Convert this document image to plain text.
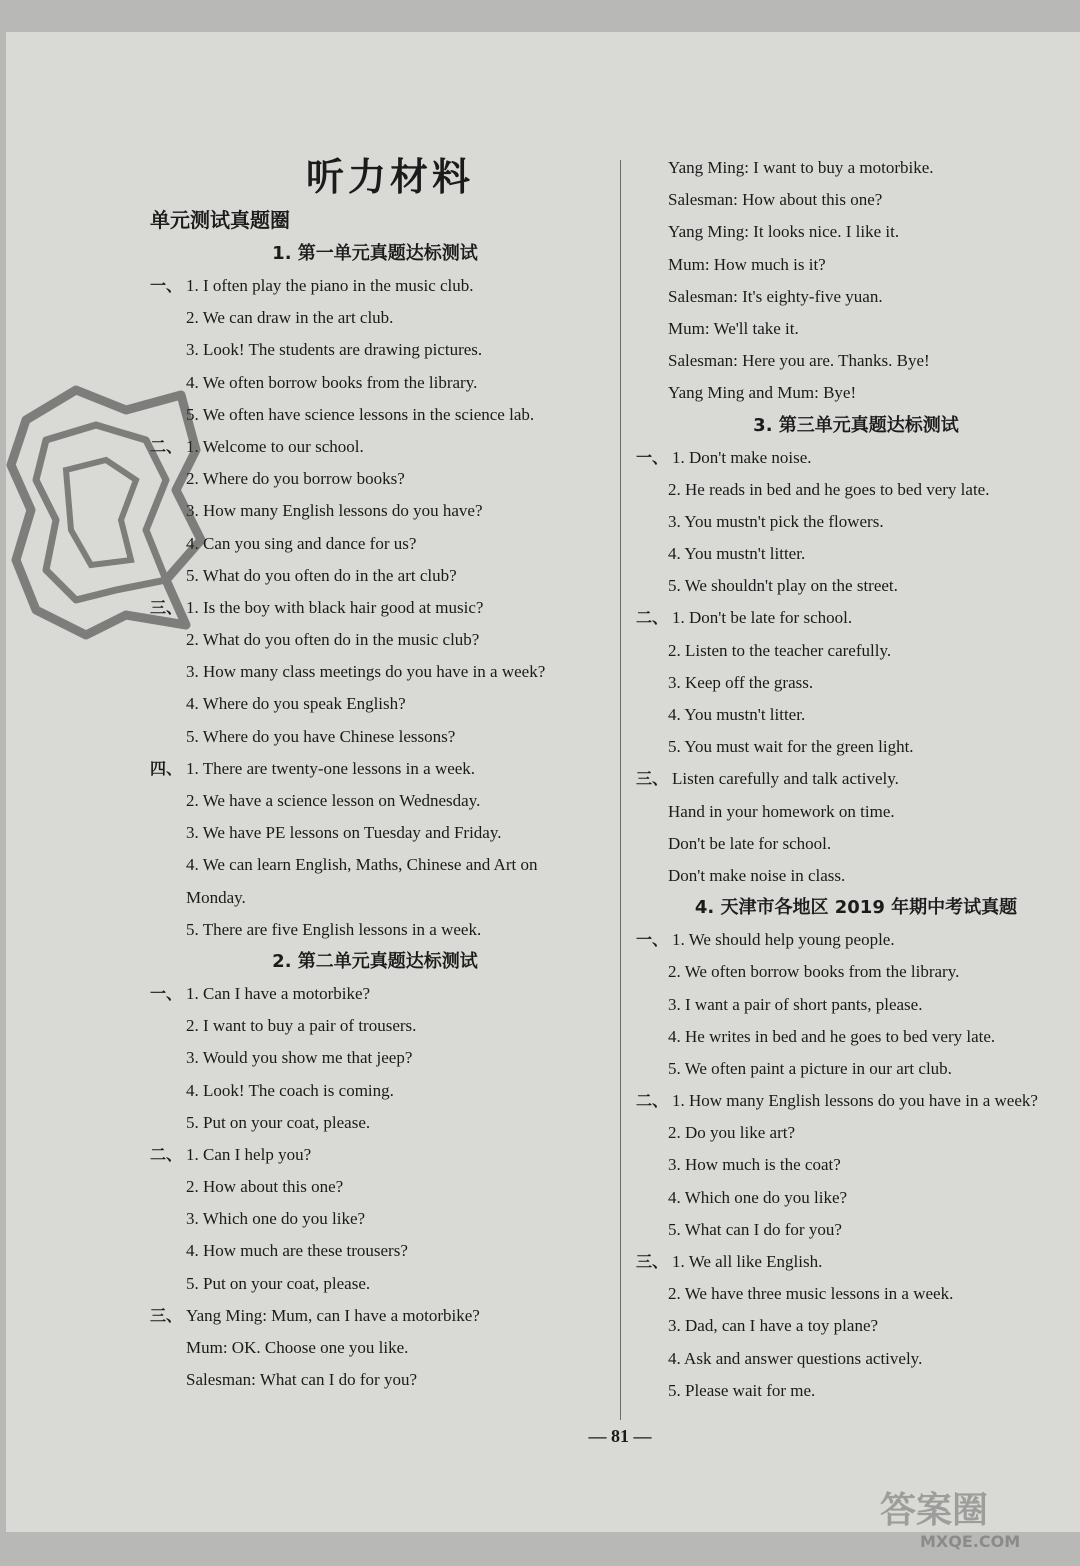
听力材料
单元测试真题圈
1. 第一单元真题达标测试
一、 1. I often play the piano in the music club.
2. We can draw in the art club.
3. Look! The students are drawing pictures.
4. We often borrow books from the library.
5. We often have science lessons in the science lab.
二、 1. Welcome to our school.
2. Where do you borrow books?
3. How many English lessons do you have?
4. Can you sing and dance for us?
5. What do you often do in the art club?
三、 1. Is the boy with black hair good at music?
2. What do you often do in the music club?
3. How many class meetings do you have in a week?
4. Where do you speak English?
5. Where do you have Chinese lessons?
四、 1. There are twenty-one lessons in a week.
2. We have a science lesson on Wednesday.
3. We have PE lessons on Tuesday and Friday.
4. We can learn English, Maths, Chinese and Art on
Monday.
5. There are five English lessons in a week.
2. 第二单元真题达标测试
一、 1. Can I have a motorbike?
2. I want to buy a pair of trousers.
3. Would you show me that jeep?
4. Look! The coach is coming.
5. Put on your coat, please.
二、 1. Can I help you?
2. How about this one?
3. Which one do you like?
4. How much are these trousers?
5. Put on your coat, please.
三、 Yang Ming: Mum, can I have a motorbike?
Mum: OK. Choose one you like.
Salesman: What can I do for you?
Yang Ming: I want to buy a motorbike.
Salesman: How about this one?
Yang Ming: It looks nice. I like it.
Mum: How much is it?
Salesman: It's eighty-five yuan.
Mum: We'll take it.
Salesman: Here you are. Thanks. Bye!
Yang Ming and Mum: Bye!
3. 第三单元真题达标测试
一、 1. Don't make noise.
2. He reads in bed and he goes to bed very late.
3. You mustn't pick the flowers.
4. You mustn't litter.
5. We shouldn't play on the street.
二、 1. Don't be late for school.
2. Listen to the teacher carefully.
3. Keep off the grass.
4. You mustn't litter.
5. You must wait for the green light.
三、 Listen carefully and talk actively.
Hand in your homework on time.
Don't be late for school.
Don't make noise in class.
4. 天津市各地区 2019 年期中考试真题
一、 1. We should help young people.
2. We often borrow books from the library.
3. I want a pair of short pants, please.
4. He writes in bed and he goes to bed very late.
5. We often paint a picture in our art club.
二、 1. How many English lessons do you have in a week?
2. Do you like art?
3. How much is the coat?
4. Which one do you like?
5. What can I do for you?
三、 1. We all like English.
2. We have three music lessons in a week.
3. Dad, can I have a toy plane?
4. Ask and answer questions actively.
5. Please wait for me.
— 81 —
答案圈
MXQE.COM
